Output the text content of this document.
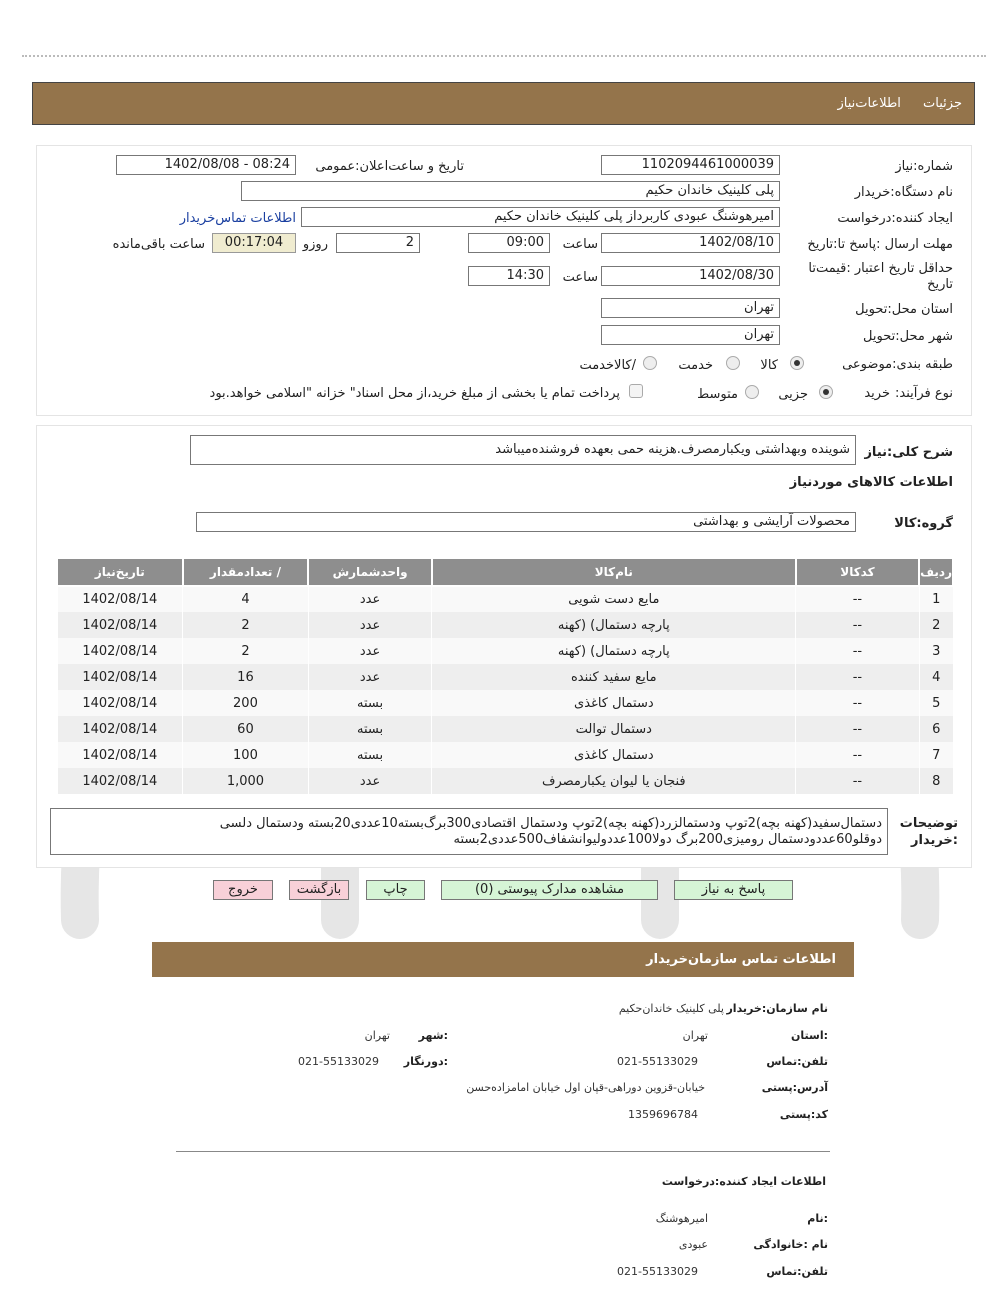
جزئیات اطلاعات‌نیاز
شماره:نیاز
1102094461000039
تاریخ و ساعت‌اعلان:عمومی
1402/08/08 - 08:24
نام دستگاه:خریدار
پلی کلینیک خاندان حکیم
ایجاد کننده:درخواست
امیرهوشنگ عبودی کاربرداز پلی کلینیک خاندان حکیم
اطلاعات تماس‌خریدار
مهلت ارسال :پاسخ تا:تاریخ
1402/08/10
ساعت
09:00
2
روزو
00:17:04
ساعت باقی‌مانده
حداقل تاریخ اعتبار :قیمت‌تا تاریخ
1402/08/30
ساعت
14:30
استان محل:تحویل
تهران
شهر محل:تحویل
تهران
طبقه بندی:موضوعی
کالا
خدمت
/کالاخدمت
نوع فرآیند:
خرید
جزیی
متوسط
پرداخت تمام یا بخشی از مبلغ خرید،از محل اسناد" خزانه "اسلامی خواهد.بود
شرح کلی:نیاز
شوینده وبهداشتی ویکبارمصرف.هزینه حمی بعهده فروشنده‌میباشد
اطلاعات کالاهای موردنیاز
گروه:کالا
محصولات آرایشی و بهداشتی
ردیف	کدکالا	نام‌کالا	واحدشمارش	/ تعدادمقدار	تاریخ‌نیاز
1	--	مایع دست شویی	عدد	4	1402/08/14
2	--	پارچه دستمال) (کهنه	عدد	2	1402/08/14
3	--	پارچه دستمال) (کهنه	عدد	2	1402/08/14
4	--	مایع سفید کننده	عدد	16	1402/08/14
5	--	دستمال کاغذی	بسته	200	1402/08/14
6	--	دستمال توالت	بسته	60	1402/08/14
7	--	دستمال کاغذی	بسته	100	1402/08/14
8	--	فنجان یا لیوان یکبارمصرف	عدد	1,000	1402/08/14
دستمال‌سفید(کهنه بچه)2توپ ودستمالزرد(کهنه بچه)2توپ ودستمال اقتصادی300برگ‌بسته10عددی20بسته ودستمال دلسی
دوقلو60عددودستمال رومیزی200برگ دولا100عددولیوانشفاف500عددی2بسته
توضیحات :خریدار
پاسخ به نیاز
مشاهده مدارک پیوستی (0)
چاپ
بازگشت
خروج
اطلاعات تماس سازمان‌خریدار
نام سازمان:خریدار
پلی کلینیک خاندان‌حکیم
:استان
تهران
:شهر
تهران
تلفن:تماس
021-55133029
:دورنگار
021-55133029
آدرس:پستی
خیابان-قزوین دوراهی-قپان اول خیابان امامزاده‌حسن
کد:پستی
1359696784
اطلاعات ایجاد کننده:درخواست
:نام
امیرهوشنگ
نام :خانوادگی
عبودی
تلفن:تماس
021-55133029
